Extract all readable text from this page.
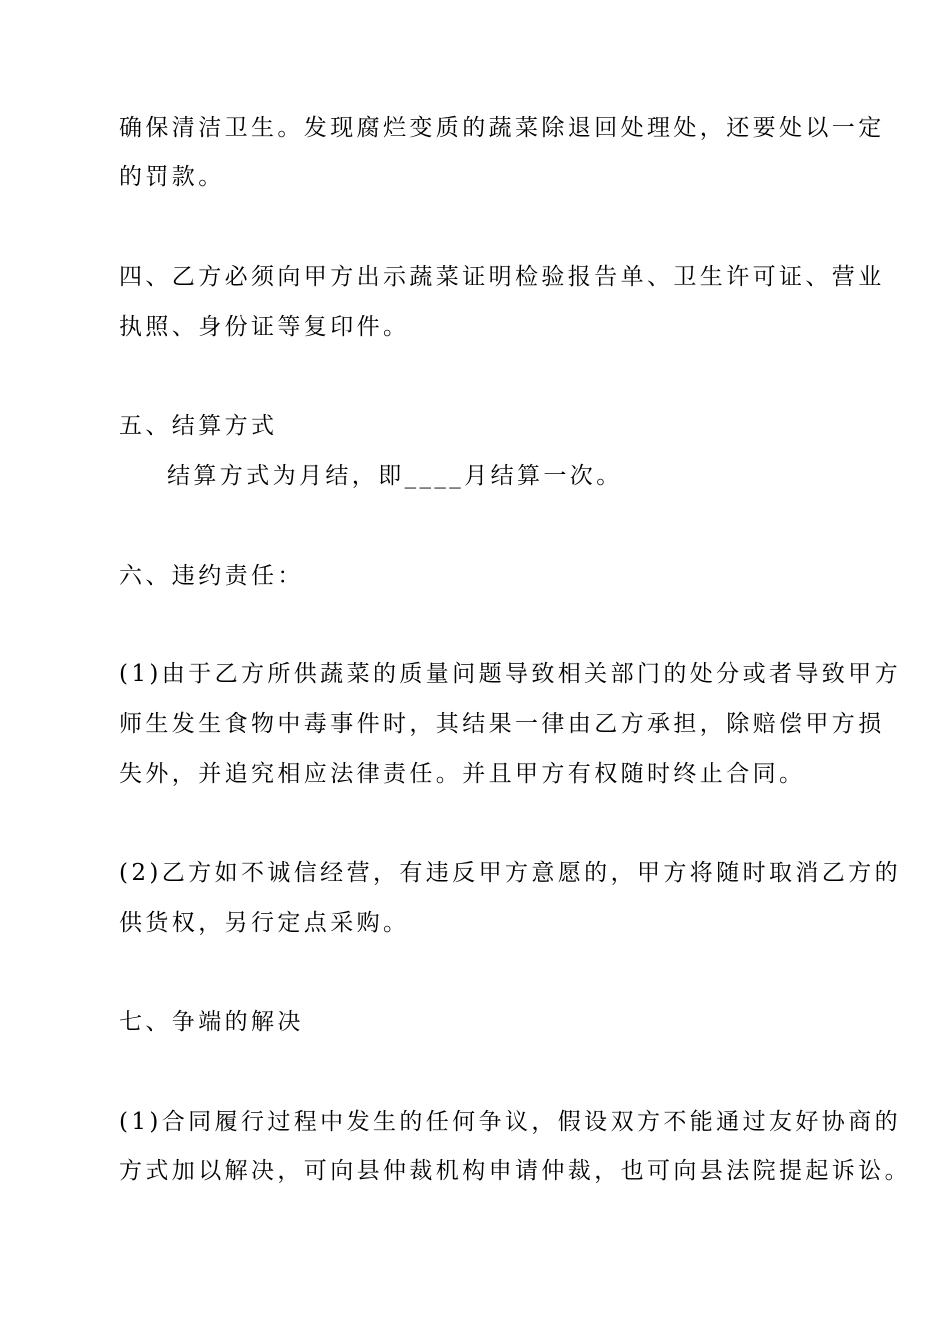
确保清洁卫生。发现腐烂变质的蔬菜除退回处理处，还要处以一定
的罚款。
四、乙方必须向甲方出示蔬菜证明检验报告单、卫生许可证、营业
执照、身份证等复印件。
五、结算方式
结算方式为月结，即____月结算一次。
六、违约责任：
(1)由于乙方所供蔬菜的质量问题导致相关部门的处分或者导致甲方
师生发生食物中毒事件时，其结果一律由乙方承担，除赔偿甲方损
失外，并追究相应法律责任。并且甲方有权随时终止合同。
(2)乙方如不诚信经营，有违反甲方意愿的，甲方将随时取消乙方的
供货权，另行定点采购。
七、争端的解决
(1)合同履行过程中发生的任何争议，假设双方不能通过友好协商的
方式加以解决，可向县仲裁机构申请仲裁，也可向县法院提起诉讼。
